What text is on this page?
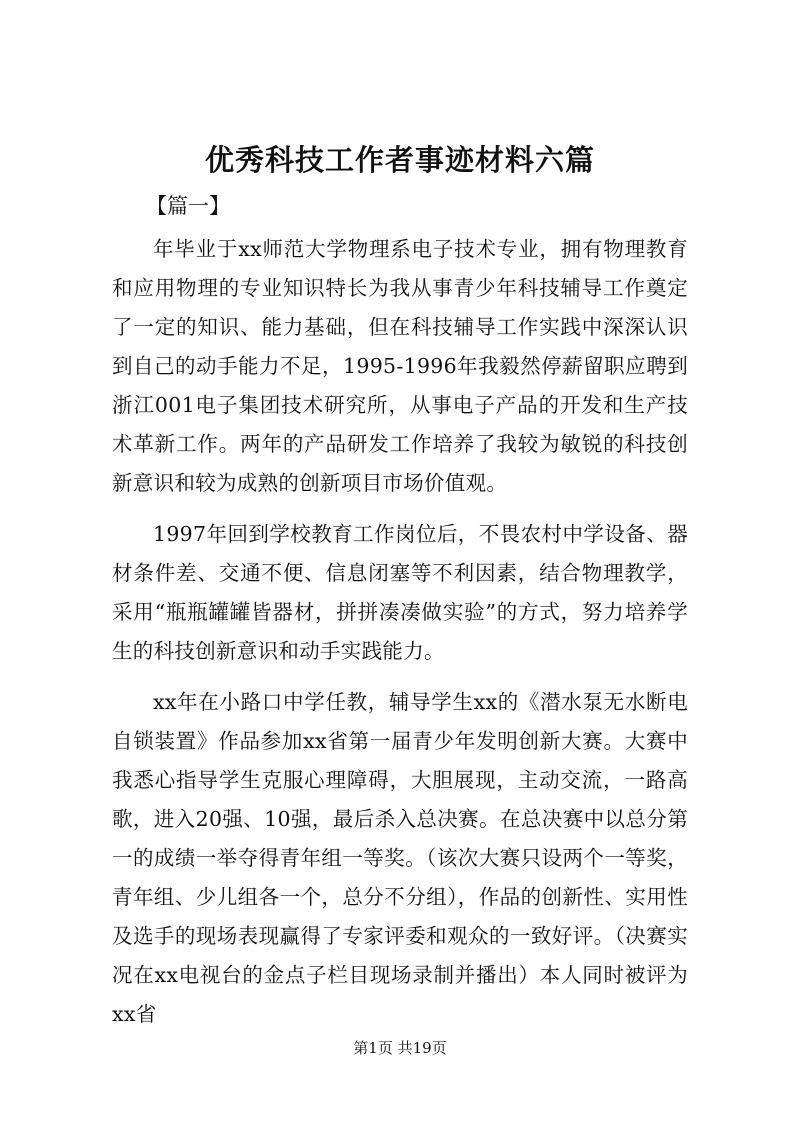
优秀科技工作者事迹材料六篇
【篇一】

年毕业于xx师范大学物理系电子技术专业，拥有物理教育和应用物理的专业知识特长为我从事青少年科技辅导工作奠定了一定的知识、能力基础，但在科技辅导工作实践中深深认识到自己的动手能力不足，1995-1996年我毅然停薪留职应聘到浙江001电子集团技术研究所，从事电子产品的开发和生产技术革新工作。两年的产品研发工作培养了我较为敏锐的科技创新意识和较为成熟的创新项目市场价值观。

1997年回到学校教育工作岗位后，不畏农村中学设备、器材条件差、交通不便、信息闭塞等不利因素，结合物理教学，采用“瓶瓶罐罐皆器材，拼拼凑凑做实验”的方式，努力培养学生的科技创新意识和动手实践能力。

xx年在小路口中学任教，辅导学生xx的《潜水泵无水断电自锁装置》作品参加xx省第一届青少年发明创新大赛。大赛中我悉心指导学生克服心理障碍，大胆展现，主动交流，一路高歌，进入20强、10强，最后杀入总决赛。在总决赛中以总分第一的成绩一举夺得青年组一等奖。（该次大赛只设两个一等奖，青年组、少儿组各一个，总分不分组），作品的创新性、实用性及选手的现场表现赢得了专家评委和观众的一致好评。（决赛实况在xx电视台的金点子栏目现场录制并播出）本人同时被评为xx省

第1页 共19页
